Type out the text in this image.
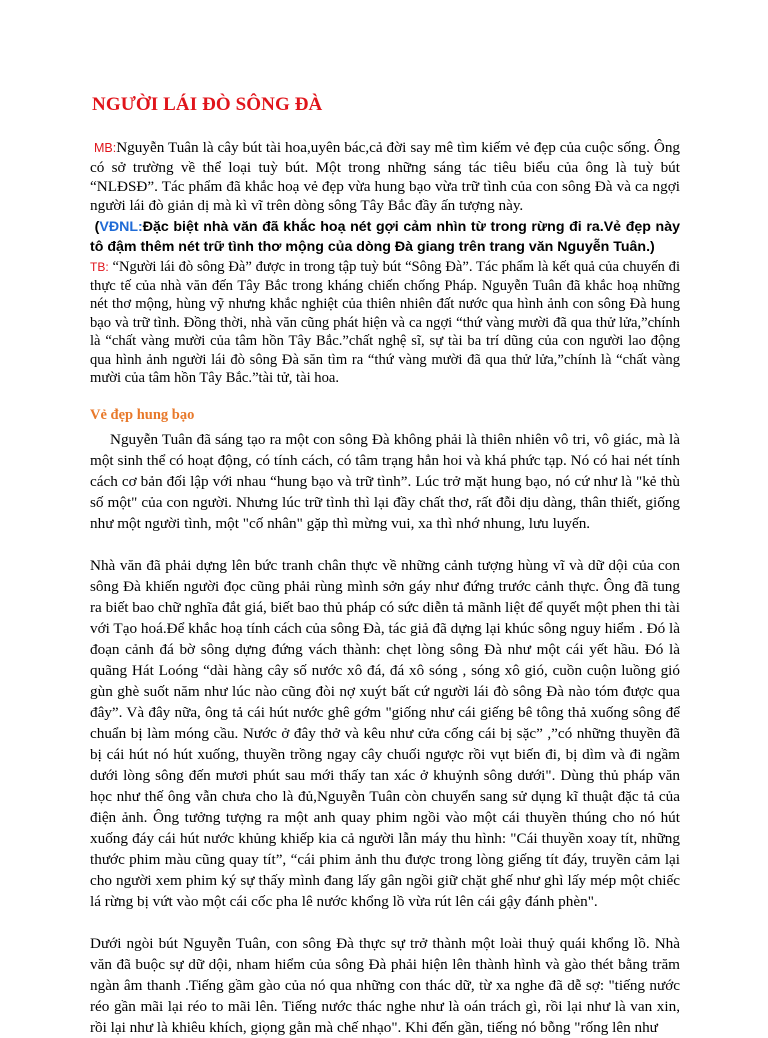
NGƯỜI LÁI ĐÒ SÔNG ĐÀ

MB:Nguyễn Tuân là cây bút tài hoa,uyên bác,cả đời say mê tìm kiếm vẻ đẹp của cuộc sống. Ông có sở trường về thể loại tuỳ bút. Một trong những sáng tác tiêu biểu của ông là tuỳ bút “NLĐSĐ”. Tác phẩm đã khắc hoạ vẻ đẹp vừa hung bạo vừa trữ tình của con sông Đà và ca ngợi người lái đò giản dị mà kì vĩ trên dòng sông Tây Bắc đầy ấn tượng này.

(VĐNL:Đặc biệt nhà văn đã khắc hoạ nét gợi cảm nhìn từ trong rừng đi ra.Vẻ đẹp này tô đậm thêm nét trữ tình thơ mộng của dòng Đà giang trên trang văn Nguyễn Tuân.)

TB: “Người lái đò sông Đà” được in trong tập tuỳ bút “Sông Đà”. Tác phẩm là kết quả của chuyến đi thực tế của nhà văn đến Tây Bắc trong kháng chiến chống Pháp. Nguyễn Tuân đã khắc hoạ những nét thơ mộng, hùng vỹ nhưng khắc nghiệt của thiên nhiên đất nước qua hình ảnh con sông Đà hung bạo và trữ tình. Đồng thời, nhà văn cũng phát hiện và ca ngợi “thứ vàng mười đã qua thử lửa,”chính là “chất vàng mười của tâm hồn Tây Bắc.”chất nghệ sĩ, sự tài ba trí dũng của con người lao động qua hình ảnh người lái đò sông Đà săn tìm ra “thứ vàng mười đã qua thử lửa,”chính là “chất vàng mười của tâm hồn Tây Bắc.”tài tử, tài hoa.

Vẻ đẹp hung bạo

Nguyễn Tuân đã sáng tạo ra một con sông Đà không phải là thiên nhiên vô tri, vô giác, mà là một sinh thể có hoạt động, có tính cách, có tâm trạng hẳn hoi và khá phức tạp. Nó có hai nét tính cách cơ bản đối lập với nhau “hung bạo và trữ tình”. Lúc trở mặt hung bạo, nó cứ như là "kẻ thù số một" của con người. Nhưng lúc trữ tình thì lại đầy chất thơ, rất đỗi dịu dàng, thân thiết, giống như một người tình, một "cố nhân" gặp thì mừng vui, xa thì nhớ nhung, lưu luyến.

Nhà văn đã phải dựng lên bức tranh chân thực về những cảnh tượng hùng vĩ và dữ dội của con sông Đà khiến người đọc cũng phải rùng mình sởn gáy như đứng trước cảnh thực. Ông đã tung ra biết bao chữ nghĩa đắt giá, biết bao thủ pháp có sức diễn tả mãnh liệt để quyết một phen thi tài với Tạo hoá.Để khắc hoạ tính cách của sông Đà, tác giả đã dựng lại khúc sông nguy hiểm . Đó là đoạn cảnh đá bờ sông dựng đứng vách thành: chẹt lòng sông Đà như một cái yết hầu. Đó là quãng Hát Loóng “dài hàng cây số nước xô đá, đá xô sóng , sóng xô gió, cuồn cuộn luồng gió gùn ghè suốt năm như lúc nào cũng đòi nợ xuýt bất cứ người lái đò sông Đà nào tóm được qua đây”. Và đây nữa, ông tả cái hút nước ghê gớm "giống như cái giếng bê tông thả xuống sông để chuẩn bị làm móng cầu. Nước ở đây thở và kêu như cửa cống cái bị sặc” ,”có những thuyền đã bị cái hút nó hút xuống, thuyền trồng ngay cây chuối ngược rồi vụt biến đi, bị dìm và đi ngầm dưới lòng sông đến mươi phút sau mới thấy tan xác ở khuỷnh sông dưới". Dùng thủ pháp văn học như thế ông vẫn chưa cho là đủ,Nguyễn Tuân còn chuyển sang sử dụng kĩ thuật đặc tả của điện ảnh. Ông tưởng tượng ra một anh quay phim ngồi vào một cái thuyền thúng cho nó hút xuống đáy cái hút nước khủng khiếp kia cả người lẫn máy thu hình: "Cái thuyền xoay tít, những thước phim màu cũng quay tít”, “cái phim ảnh thu được trong lòng giếng tít đáy, truyền cảm lại cho người xem phim ký sự thấy mình đang lấy gân ngồi giữ chặt ghế như ghì lấy mép một chiếc lá rừng bị vứt vào một cái cốc pha lê nước khổng lồ vừa rút lên cái gậy đánh phèn".

Dưới ngòi bút Nguyễn Tuân, con sông Đà thực sự trở thành một loài thuỷ quái khổng lồ. Nhà văn đã buộc sự dữ dội, nham hiểm của sông Đà phải hiện lên thành hình và gào thét bằng trăm ngàn âm thanh .Tiếng gầm gào của nó qua những con thác dữ, từ xa nghe đã dễ sợ: "tiếng nước réo gần mãi lại réo to mãi lên. Tiếng nước thác nghe như là oán trách gì, rồi lại như là van xin, rồi lại như là khiêu khích, giọng gằn mà chế nhạo". Khi đến gần, tiếng nó bỗng "rống lên như
